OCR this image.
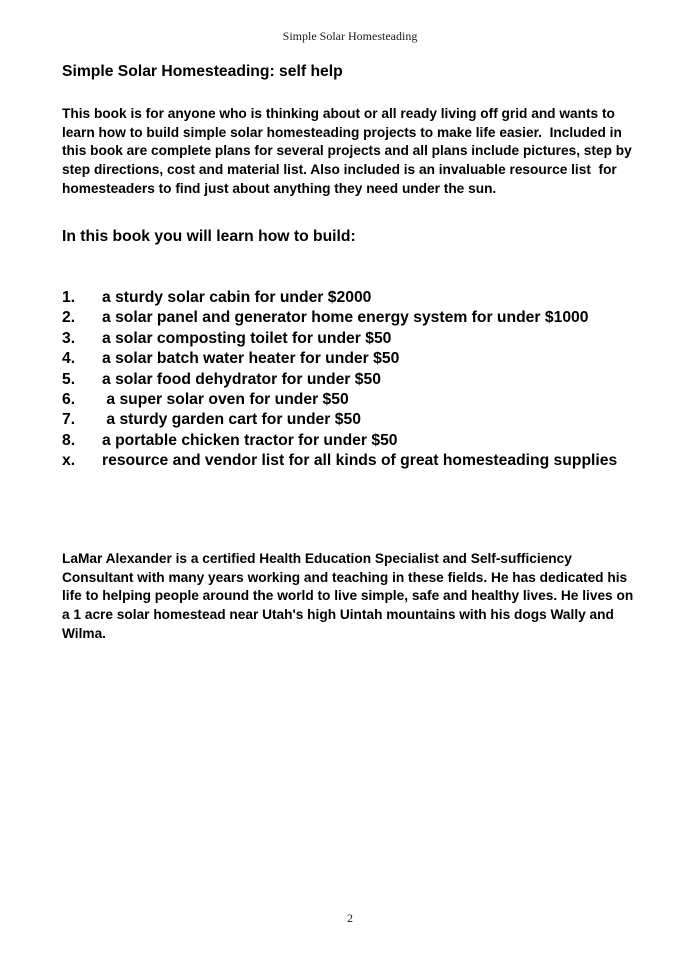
Simple Solar Homesteading
Simple Solar Homesteading: self help
This book is for anyone who is thinking about or all ready living off grid and wants to learn how to build simple solar homesteading projects to make life easier.  Included in this book are complete plans for several projects and all plans include pictures, step by step directions, cost and material list. Also included is an invaluable resource list  for homesteaders to find just about anything they need under the sun.
In this book you will learn how to build:
1.	a sturdy solar cabin for under $2000
2.	a solar panel and generator home energy system for under $1000
3.	a solar composting toilet for under $50
4.	a solar batch water heater for under $50
5.	a solar food dehydrator for under $50
6.	a super solar oven for under $50
7.	a sturdy garden cart for under $50
8.	a portable chicken tractor for under $50
x.	resource and vendor list for all kinds of great homesteading supplies
LaMar Alexander is a certified Health Education Specialist and Self-sufficiency Consultant with many years working and teaching in these fields. He has dedicated his life to helping people around the world to live simple, safe and healthy lives. He lives on a 1 acre solar homestead near Utah's high Uintah mountains with his dogs Wally and Wilma.
2
